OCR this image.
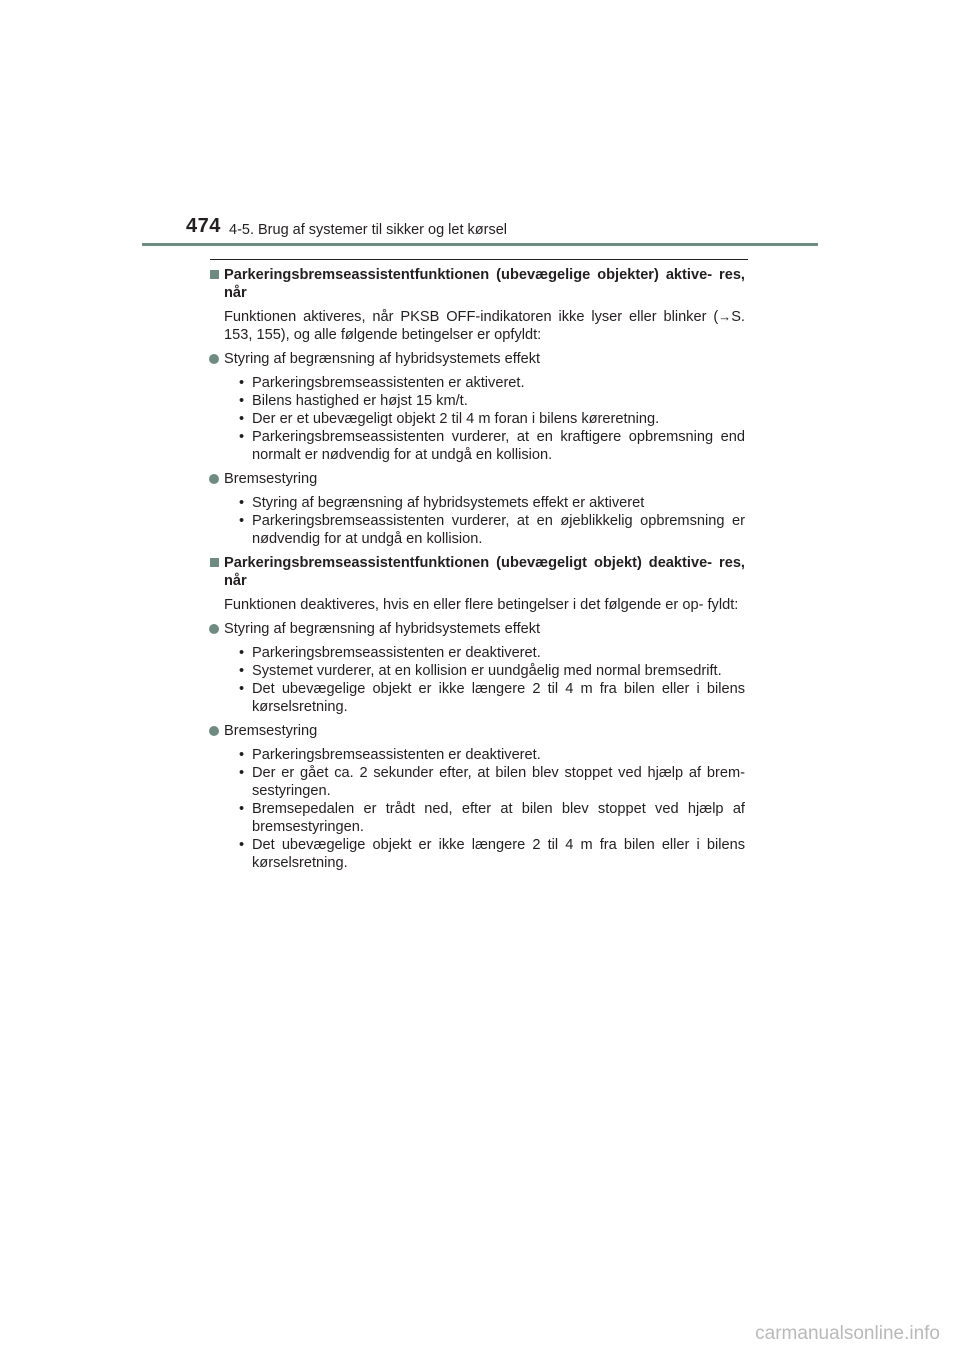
474 4-5. Brug af systemer til sikker og let kørsel
Parkeringsbremseassistentfunktionen (ubevægelige objekter) aktive- res, når
Funktionen aktiveres, når PKSB OFF-indikatoren ikke lyser eller blinker (→S. 153, 155), og alle følgende betingelser er opfyldt:
Styring af begrænsning af hybridsystemets effekt
• Parkeringsbremseassistenten er aktiveret.
• Bilens hastighed er højst 15 km/t.
• Der er et ubevægeligt objekt 2 til 4 m foran i bilens køreretning.
• Parkeringsbremseassistenten vurderer, at en kraftigere opbremsning end normalt er nødvendig for at undgå en kollision.
Bremsestyring
• Styring af begrænsning af hybridsystemets effekt er aktiveret
• Parkeringsbremseassistenten vurderer, at en øjeblikkelig opbremsning er nødvendig for at undgå en kollision.
Parkeringsbremseassistentfunktionen (ubevægeligt objekt) deaktive- res, når
Funktionen deaktiveres, hvis en eller flere betingelser i det følgende er op- fyldt:
Styring af begrænsning af hybridsystemets effekt
• Parkeringsbremseassistenten er deaktiveret.
• Systemet vurderer, at en kollision er uundgåelig med normal bremsedrift.
• Det ubevægelige objekt er ikke længere 2 til 4 m fra bilen eller i bilens kørselsretning.
Bremsestyring
• Parkeringsbremseassistenten er deaktiveret.
• Der er gået ca. 2 sekunder efter, at bilen blev stoppet ved hjælp af brem- sestyringen.
• Bremsepedalen er trådt ned, efter at bilen blev stoppet ved hjælp af bremsestyringen.
• Det ubevægelige objekt er ikke længere 2 til 4 m fra bilen eller i bilens kørselsretning.
carmanualsonline.info
